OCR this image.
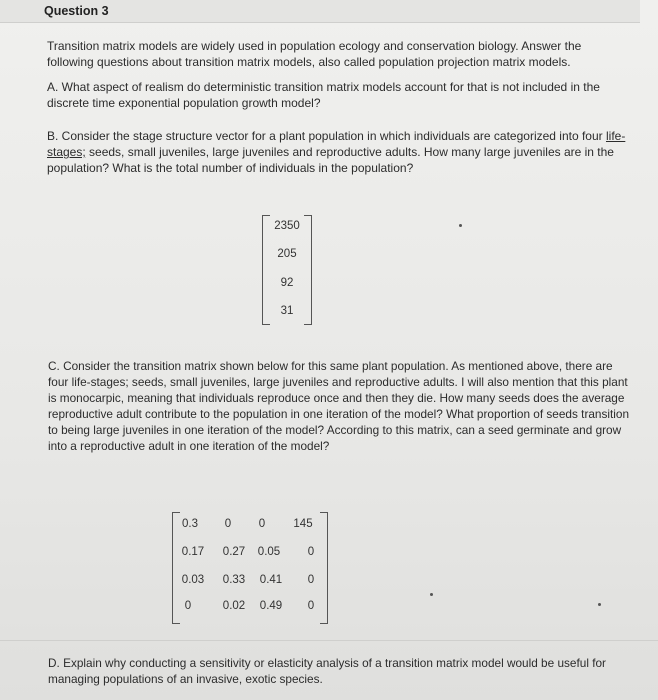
Question 3
Transition matrix models are widely used in population ecology and conservation biology. Answer the following questions about transition matrix models, also called population projection matrix models.
A. What aspect of realism do deterministic transition matrix models account for that is not included in the discrete time exponential population growth model?
B. Consider the stage structure vector for a plant population in which individuals are categorized into four life-stages; seeds, small juveniles, large juveniles and reproductive adults. How many large juveniles are in the population? What is the total number of individuals in the population?
2350
205
92
31
C. Consider the transition matrix shown below for this same plant population. As mentioned above, there are four life-stages; seeds, small juveniles, large juveniles and reproductive adults. I will also mention that this plant is monocarpic, meaning that individuals reproduce once and then they die. How many seeds does the average reproductive adult contribute to the population in one iteration of the model? What proportion of seeds transition to being large juveniles in one iteration of the model? According to this matrix, can a seed germinate and grow into a reproductive adult in one iteration of the model?
0.3	0	0	145
0.17	0.27	0.05	0
0.03	0.33	0.41	0
0	0.02	0.49	0
D. Explain why conducting a sensitivity or elasticity analysis of a transition matrix model would be useful for managing populations of an invasive, exotic species.
